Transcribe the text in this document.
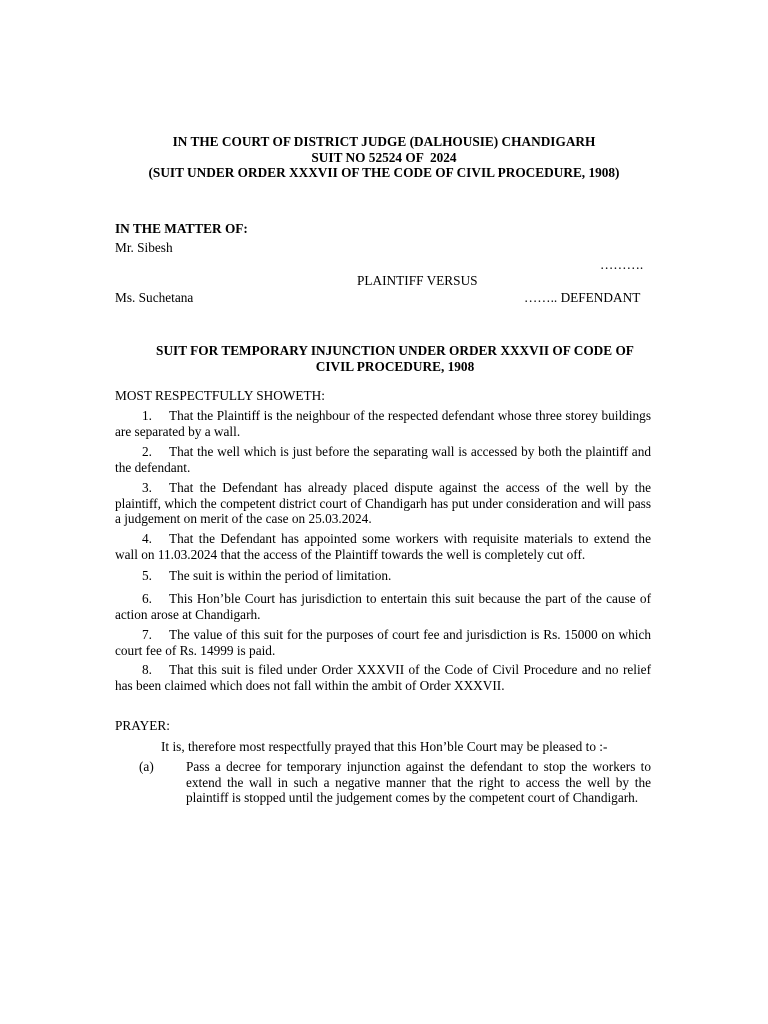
IN THE COURT OF DISTRICT JUDGE (DALHOUSIE) CHANDIGARH
SUIT NO 52524 OF  2024
(SUIT UNDER ORDER XXXVII OF THE CODE OF CIVIL PROCEDURE, 1908)
IN THE MATTER OF:
Mr. Sibesh
……….
PLAINTIFF VERSUS
Ms. Suchetana	…….. DEFENDANT
SUIT FOR TEMPORARY INJUNCTION UNDER ORDER XXXVII OF CODE OF
CIVIL PROCEDURE, 1908
MOST RESPECTFULLY SHOWETH:
1. That the Plaintiff is the neighbour of the respected defendant whose three storey buildings are separated by a wall.
2. That the well which is just before the separating wall is accessed by both the plaintiff and the defendant.
3. That the Defendant has already placed dispute against the access of the well by the plaintiff, which the competent district court of Chandigarh has put under consideration and will pass a judgement on merit of the case on 25.03.2024.
4. That the Defendant has appointed some workers with requisite materials to extend the wall on 11.03.2024 that the access of the Plaintiff towards the well is completely cut off.
5. The suit is within the period of limitation.
6. This Hon’ble Court has jurisdiction to entertain this suit because the part of the cause of action arose at Chandigarh.
7. The value of this suit for the purposes of court fee and jurisdiction is Rs. 15000 on which court fee of Rs. 14999 is paid.
8. That this suit is filed under Order XXXVII of the Code of Civil Procedure and no relief has been claimed which does not fall within the ambit of Order XXXVII.
PRAYER:
It is, therefore most respectfully prayed that this Hon’ble Court may be pleased to :-
(a) Pass a decree for temporary injunction against the defendant to stop the workers to extend the wall in such a negative manner that the right to access the well by the plaintiff is stopped until the judgement comes by the competent court of Chandigarh.
